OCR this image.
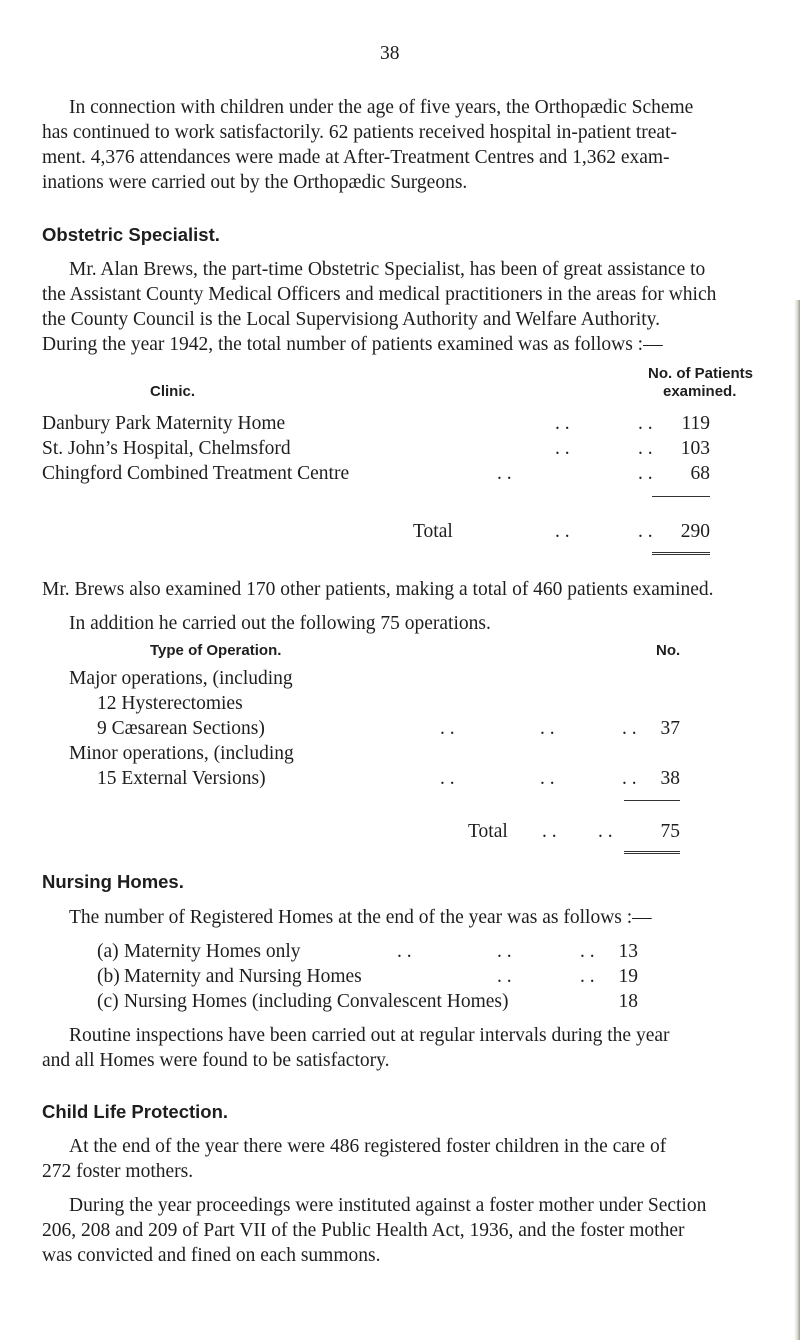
38
In connection with children under the age of five years, the Orthopædic Scheme
has continued to work satisfactorily. 62 patients received hospital in-patient treat-
ment. 4,376 attendances were made at After-Treatment Centres and 1,362 exam-
inations were carried out by the Orthopædic Surgeons.
Obstetric Specialist.
Mr. Alan Brews, the part-time Obstetric Specialist, has been of great assistance to
the Assistant County Medical Officers and medical practitioners in the areas for which
the County Council is the Local Supervisiong Authority and Welfare Authority.
During the year 1942, the total number of patients examined was as follows :—
No. of Patients
Clinic.	examined.
Danbury Park Maternity Home	. .	. .	119
St. John’s Hospital, Chelmsford	. .	. .	103
Chingford Combined Treatment Centre	. .	. .	68
Total	. .	. .	290
Mr. Brews also examined 170 other patients, making a total of 460 patients examined.
In addition he carried out the following 75 operations.
Type of Operation.	No.
Major operations, (including
12 Hysterectomies
9 Cæsarean Sections)	. .	. .	. .	37
Minor operations, (including
15 External Versions)	. .	. .	. .	38
Total . . . .	75
Nursing Homes.
The number of Registered Homes at the end of the year was as follows :—
(a) Maternity Homes only	. .	. .	. .	13
(b) Maternity and Nursing Homes	. .	. .	19
(c) Nursing Homes (including Convalescent Homes)	18
Routine inspections have been carried out at regular intervals during the year
and all Homes were found to be satisfactory.
Child Life Protection.
At the end of the year there were 486 registered foster children in the care of
272 foster mothers.
During the year proceedings were instituted against a foster mother under Section
206, 208 and 209 of Part VII of the Public Health Act, 1936, and the foster mother
was convicted and fined on each summons.
